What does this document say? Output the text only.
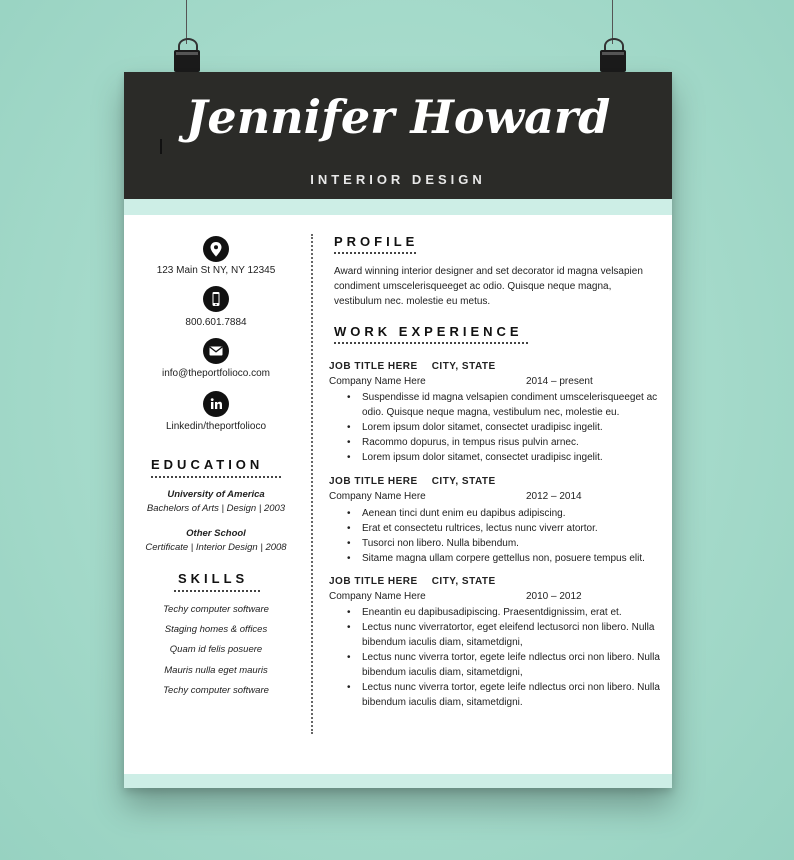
Jennifer Howard
INTERIOR DESIGN
123 Main St NY, NY 12345
800.601.7884
info@theportfolioco.com
Linkedin/theportfolioco
EDUCATION
University of America
Bachelors of Arts | Design | 2003
Other School
Certificate | Interior Design | 2008
SKILLS
Techy computer software
Staging homes & offices
Quam id felis posuere
Mauris nulla eget mauris
Techy computer software
PROFILE
Award winning interior designer and set decorator id magna velsapien condiment umscelerisqueeget ac odio. Quisque neque magna, vestibulum nec. molestie eu metus.
WORK EXPERIENCE
JOB TITLE HERE CITY, STATE
Company Name Here	2014 – present
• Suspendisse id magna velsapien condiment umscelerisqueeget ac odio. Quisque neque magna, vestibulum nec, molestie eu.
• Lorem ipsum dolor sitamet, consectet uradipisc ingelit.
• Racommo dopurus, in tempus risus pulvin arnec.
• Lorem ipsum dolor sitamet, consectet uradipisc ingelit.
JOB TITLE HERE CITY, STATE
Company Name Here	2012 – 2014
• Aenean tinci dunt enim eu dapibus adipiscing.
• Erat et consectetu rultrices, lectus nunc viverr atortor.
• Tusorci non libero. Nulla bibendum.
• Sitame magna ullam corpere gettellus non, posuere tempus elit.
JOB TITLE HERE CITY, STATE
Company Name Here	2010 – 2012
• Eneantin eu dapibusadipiscing. Praesentdignissim, erat et.
• Lectus nunc viverratortor, eget eleifend lectusorci non libero. Nulla bibendum iaculis diam, sitametdigni,
• Lectus nunc viverra tortor, egete leife ndlectus orci non libero. Nulla bibendum iaculis diam, sitametdigni,
• Lectus nunc viverra tortor, egete leife ndlectus orci non libero. Nulla bibendum iaculis diam, sitametdigni.
